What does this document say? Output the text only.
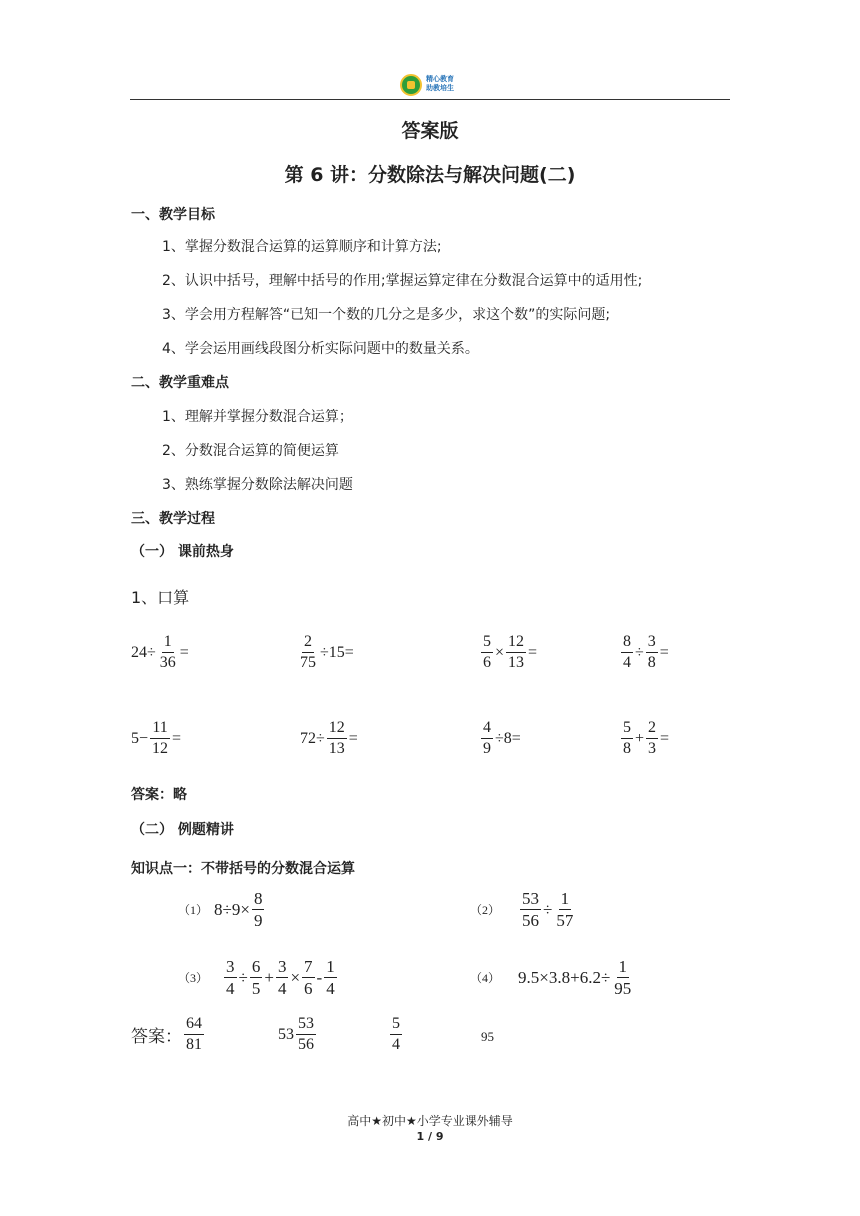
精心教育
助教培生
答案版
第 6 讲：分数除法与解决问题(二)
一、教学目标
1、掌握分数混合运算的运算顺序和计算方法;
2、认识中括号，理解中括号的作用;掌握运算定律在分数混合运算中的适用性;
3、学会用方程解答“已知一个数的几分之是多少，求这个数”的实际问题;
4、学会运用画线段图分析实际问题中的数量关系。
二、教学重难点
1、理解并掌握分数混合运算；
2、分数混合运算的简便运算
3、熟练掌握分数除法解决问题
三、教学过程
（一） 课前热身
1、口算
$24 \div \frac{1}{36}$ =	$\frac{2}{75} \div 15$ =	$\frac{5}{6} \times \frac{12}{13}$ =	$\frac{8}{4} \div \frac{3}{8}$ =
$5 - \frac{11}{12}$ =	$72 \div \frac{12}{13}$ =	$\frac{4}{9} \div 8$ =	$\frac{5}{8} + \frac{2}{3}$ =
答案：略
（二） 例题精讲
知识点一：不带括号的分数混合运算
（1） $8 \div 9 \times \frac{8}{9}$	$(2) \frac{53}{56} \div \frac{1}{57}$
$(3) \frac{3}{4} \div \frac{6}{5} + \frac{3}{4} \times \frac{7}{6} - \frac{1}{4}$	（4） $9.5 \times 3.8 + 6.2 \div \frac{1}{95}$
答案： $\frac{64}{81}$	$53 \frac{53}{56}$	$\frac{5}{4}$	95
高中★初中★小学专业课外辅导
1 / 9
